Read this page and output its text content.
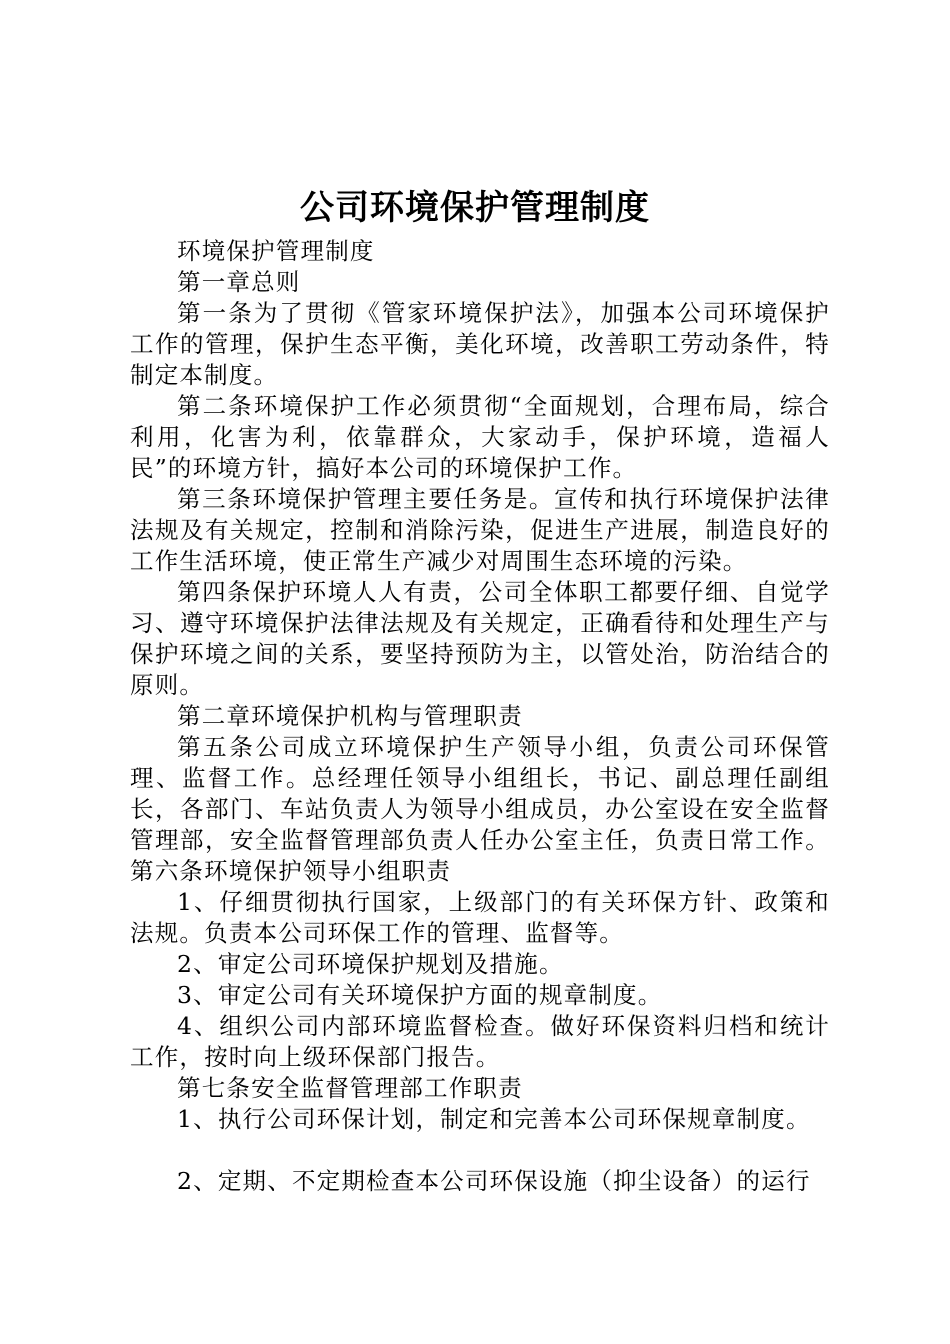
公司环境保护管理制度

环境保护管理制度

第一章总则

第一条为了贯彻《管家环境保护法》，加强本公司环境保护工作的管理，保护生态平衡，美化环境，改善职工劳动条件，特制定本制度。

第二条环境保护工作必须贯彻“全面规划，合理布局，综合利用，化害为利，依靠群众，大家动手，保护环境，造福人民”的环境方针，搞好本公司的环境保护工作。

第三条环境保护管理主要任务是。宣传和执行环境保护法律法规及有关规定，控制和消除污染，促进生产进展，制造良好的工作生活环境，使正常生产减少对周围生态环境的污染。

第四条保护环境人人有责，公司全体职工都要仔细、自觉学习、遵守环境保护法律法规及有关规定，正确看待和处理生产与保护环境之间的关系，要坚持预防为主，以管处治，防治结合的原则。

第二章环境保护机构与管理职责

第五条公司成立环境保护生产领导小组，负责公司环保管理、监督工作。总经理任领导小组组长，书记、副总理任副组长，各部门、车站负责人为领导小组成员，办公室设在安全监督管理部，安全监督管理部负责人任办公室主任，负责日常工作。第六条环境保护领导小组职责

1、仔细贯彻执行国家，上级部门的有关环保方针、政策和法规。负责本公司环保工作的管理、监督等。

2、审定公司环境保护规划及措施。

3、审定公司有关环境保护方面的规章制度。

4、组织公司内部环境监督检查。做好环保资料归档和统计工作，按时向上级环保部门报告。

第七条安全监督管理部工作职责

1、执行公司环保计划，制定和完善本公司环保规章制度。

2、定期、不定期检查本公司环保设施（抑尘设备）的运行
